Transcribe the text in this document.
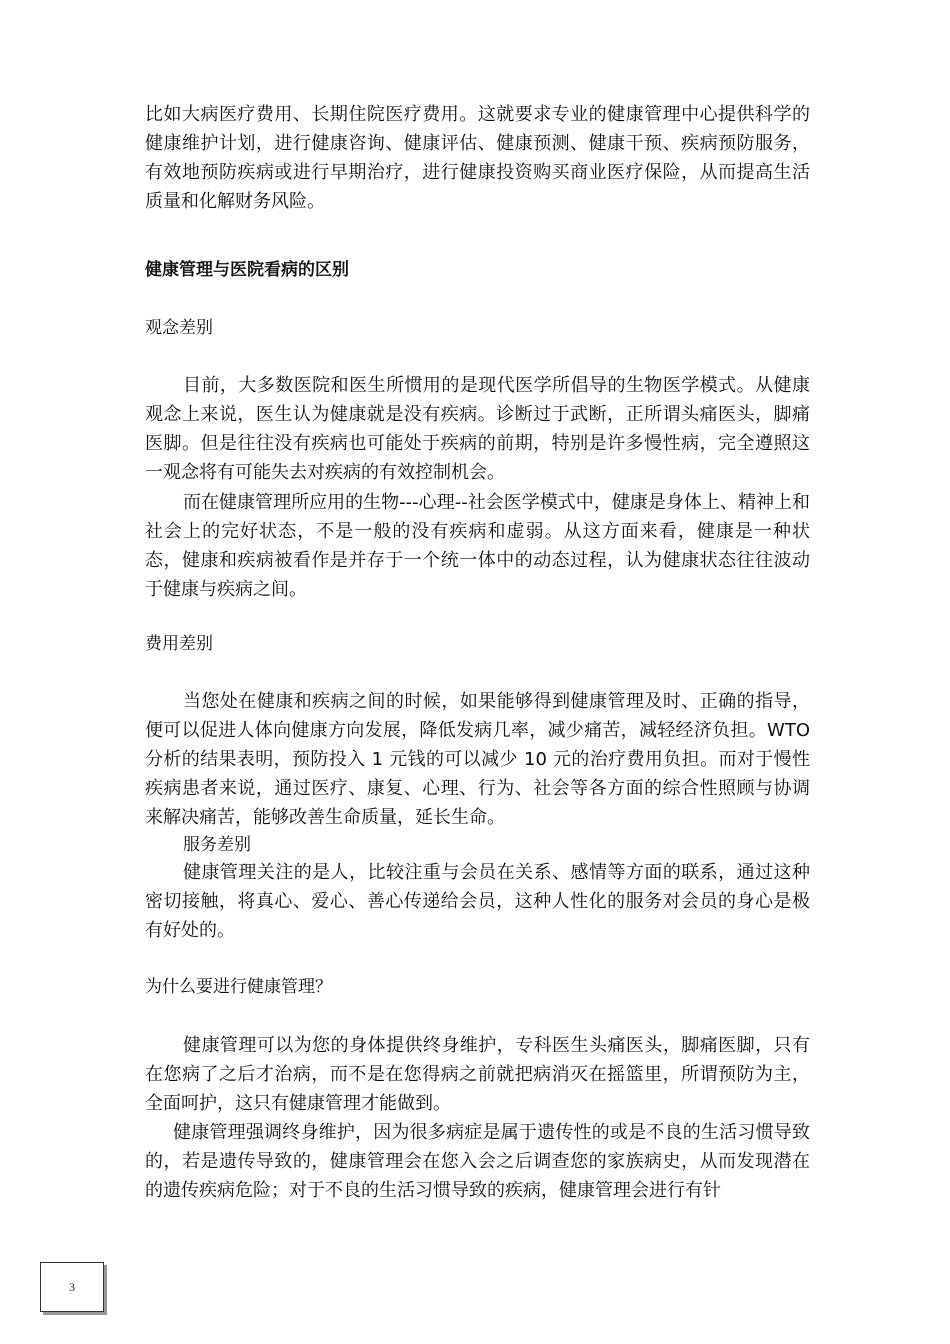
比如大病医疗费用、长期住院医疗费用。这就要求专业的健康管理中心提供科学的健康维护计划，进行健康咨询、健康评估、健康预测、健康干预、疾病预防服务，有效地预防疾病或进行早期治疗，进行健康投资购买商业医疗保险，从而提高生活质量和化解财务风险。

健康管理与医院看病的区别
观念差别

目前，大多数医院和医生所惯用的是现代医学所倡导的生物医学模式。从健康观念上来说，医生认为健康就是没有疾病。诊断过于武断，正所谓头痛医头，脚痛医脚。但是往往没有疾病也可能处于疾病的前期，特别是许多慢性病，完全遵照这一观念将有可能失去对疾病的有效控制机会。

而在健康管理所应用的生物---心理--社会医学模式中，健康是身体上、精神上和社会上的完好状态，不是一般的没有疾病和虚弱。从这方面来看，健康是一种状态，健康和疾病被看作是并存于一个统一体中的动态过程，认为健康状态往往波动于健康与疾病之间。

费用差别

当您处在健康和疾病之间的时候，如果能够得到健康管理及时、正确的指导，便可以促进人体向健康方向发展，降低发病几率，减少痛苦，减轻经济负担。WTO 分析的结果表明，预防投入 1 元钱的可以减少 10 元的治疗费用负担。而对于慢性疾病患者来说，通过医疗、康复、心理、行为、社会等各方面的综合性照顾与协调来解决痛苦，能够改善生命质量，延长生命。

服务差别

健康管理关注的是人，比较注重与会员在关系、感情等方面的联系，通过这种密切接触，将真心、爱心、善心传递给会员，这种人性化的服务对会员的身心是极有好处的。

为什么要进行健康管理？

健康管理可以为您的身体提供终身维护，专科医生头痛医头，脚痛医脚，只有在您病了之后才治病，而不是在您得病之前就把病消灭在摇篮里，所谓预防为主，全面呵护，这只有健康管理才能做到。

健康管理强调终身维护，因为很多病症是属于遗传性的或是不良的生活习惯导致的，若是遗传导致的，健康管理会在您入会之后调查您的家族病史，从而发现潜在的遗传疾病危险；对于不良的生活习惯导致的疾病，健康管理会进行有针

3
